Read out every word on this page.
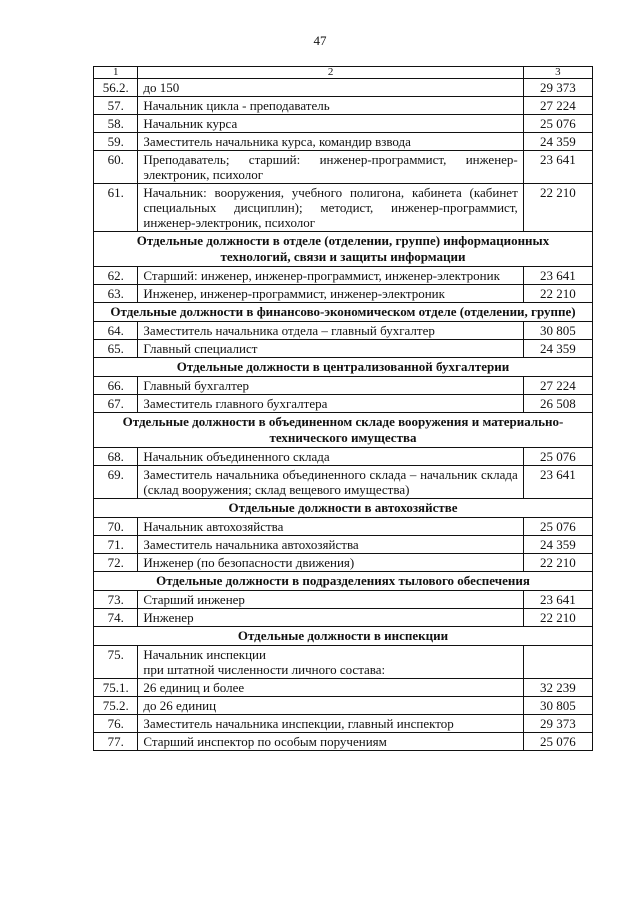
47
1	2	3
56.2.	до 150	29 373
57.	Начальник цикла - преподаватель	27 224
58.	Начальник курса	25 076
59.	Заместитель начальника курса, командир взвода	24 359
60.	Преподаватель; старший: инженер-программист, инженер-электроник, психолог	23 641
61.	Начальник: вооружения, учебного полигона, кабинета (кабинет специальных дисциплин); методист, инженер-программист, инженер-электроник, психолог	22 210
Отдельные должности в отделе (отделении, группе) информационных технологий, связи и защиты информации		
62.	Старший: инженер, инженер-программист, инженер-электроник	23 641
63.	Инженер, инженер-программист, инженер-электроник	22 210
Отдельные должности в финансово-экономическом отделе (отделении, группе)		
64.	Заместитель начальника отдела – главный бухгалтер	30 805
65.	Главный специалист	24 359
Отдельные должности в централизованной бухгалтерии		
66.	Главный бухгалтер	27 224
67.	Заместитель главного бухгалтера	26 508
Отдельные должности в объединенном складе вооружения и материально-технического имущества		
68.	Начальник объединенного склада	25 076
69.	Заместитель начальника объединенного склада – начальник склада (склад вооружения; склад вещевого имущества)	23 641
Отдельные должности в автохозяйстве		
70.	Начальник автохозяйства	25 076
71.	Заместитель начальника автохозяйства	24 359
72.	Инженер (по безопасности движения)	22 210
Отдельные должности в подразделениях тылового обеспечения		
73.	Старший инженер	23 641
74.	Инженер	22 210
Отдельные должности в инспекции		
75.	Начальник инспекции
при штатной численности личного состава:	

75.1.	26 единиц и более	32 239
75.2.	до 26 единиц	30 805
76.	Заместитель начальника инспекции, главный инспектор	29 373
77.	Старший инспектор по особым поручениям	25 076
